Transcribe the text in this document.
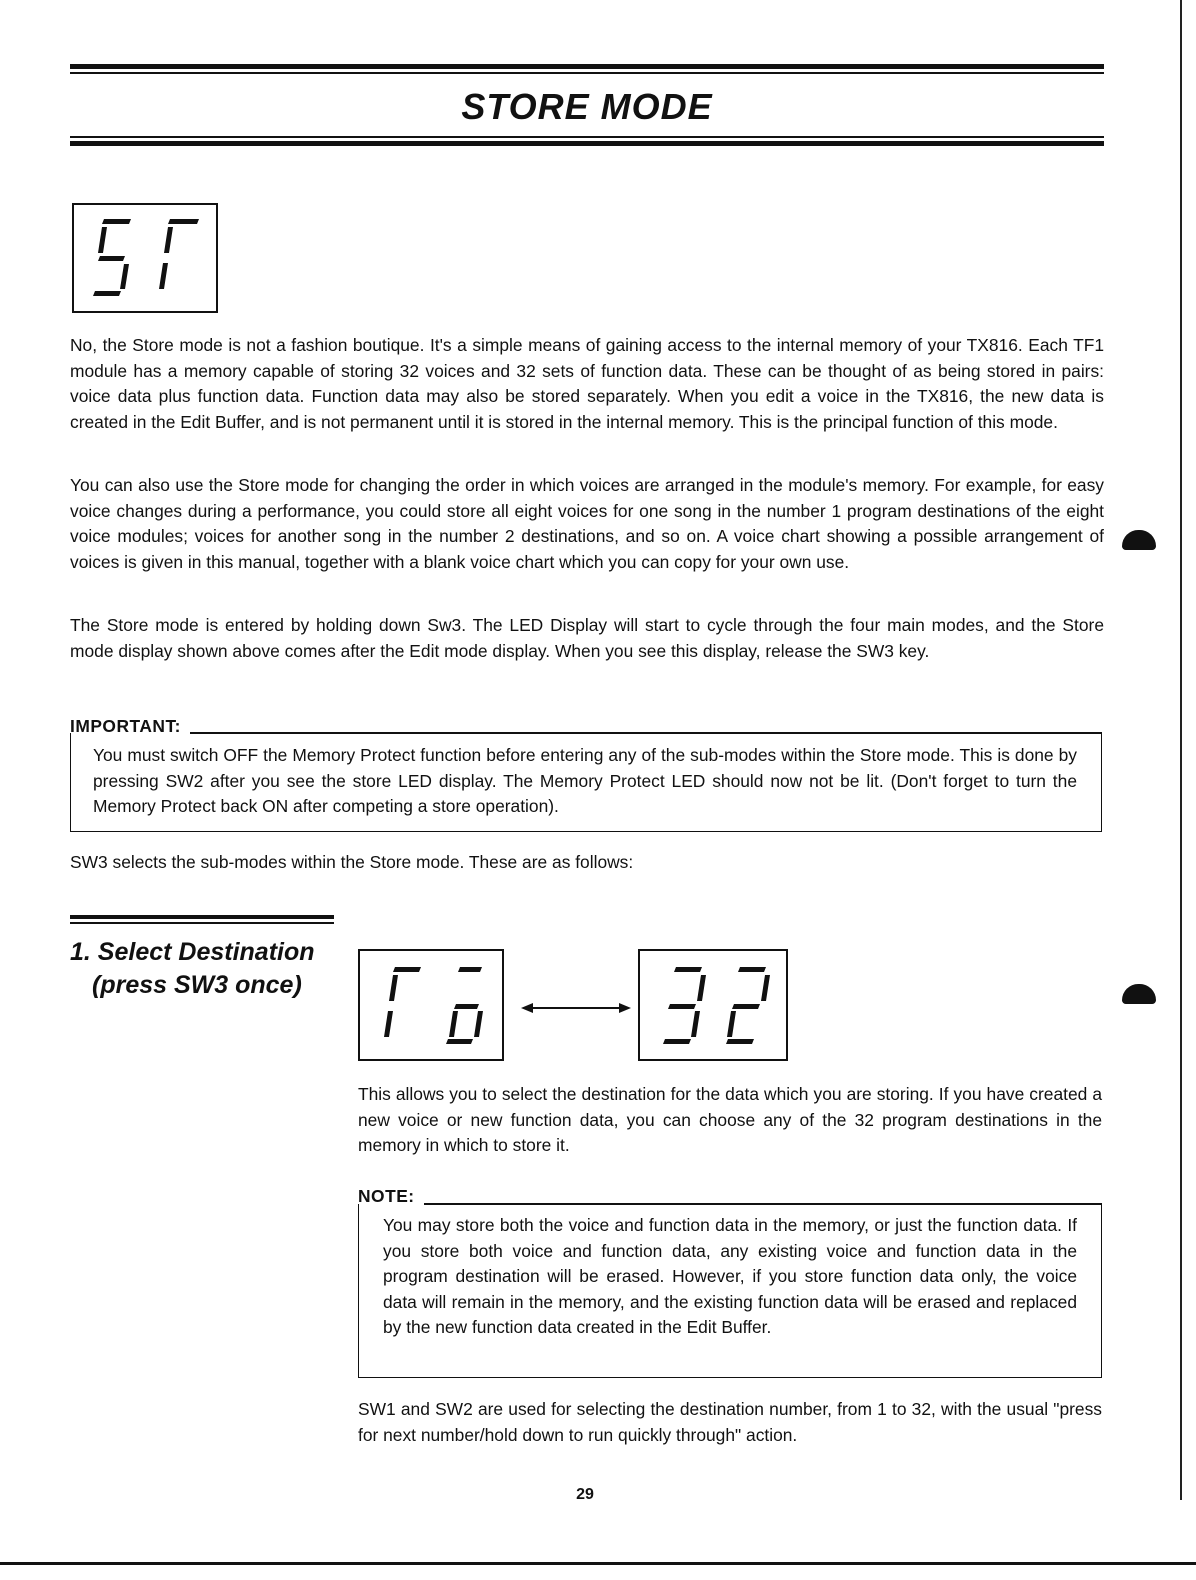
STORE MODE

No, the Store mode is not a fashion boutique. It's a simple means of gaining access to the internal memory of your TX816. Each TF1 module has a memory capable of storing 32 voices and 32 sets of function data. These can be thought of as being stored in pairs: voice data plus function data. Function data may also be stored separately. When you edit a voice in the TX816, the new data is created in the Edit Buffer, and is not permanent until it is stored in the internal memory. This is the principal function of this mode.

You can also use the Store mode for changing the order in which voices are arranged in the module's memory. For example, for easy voice changes during a performance, you could store all eight voices for one song in the number 1 program destinations of the eight voice modules; voices for another song in the number 2 destinations, and so on. A voice chart showing a possible arrangement of voices is given in this manual, together with a blank voice chart which you can copy for your own use.

The Store mode is entered by holding down Sw3. The LED Display will start to cycle through the four main modes, and the Store mode display shown above comes after the Edit mode display. When you see this display, release the SW3 key.

IMPORTANT:
You must switch OFF the Memory Protect function before entering any of the sub-modes within the Store mode. This is done by pressing SW2 after you see the store LED display. The Memory Protect LED should now not be lit. (Don't forget to turn the Memory Protect back ON after competing a store operation).

SW3 selects the sub-modes within the Store mode. These are as follows:

1. Select Destination
(press SW3 once)

This allows you to select the destination for the data which you are storing. If you have created a new voice or new function data, you can choose any of the 32 program destinations in the memory in which to store it.

NOTE:
You may store both the voice and function data in the memory, or just the function data. If you store both voice and function data, any existing voice and function data in the program destination will be erased. However, if you store function data only, the voice data will remain in the memory, and the existing function data will be erased and replaced by the new function data created in the Edit Buffer.

SW1 and SW2 are used for selecting the destination number, from 1 to 32, with the usual "press for next number/hold down to run quickly through" action.

29
